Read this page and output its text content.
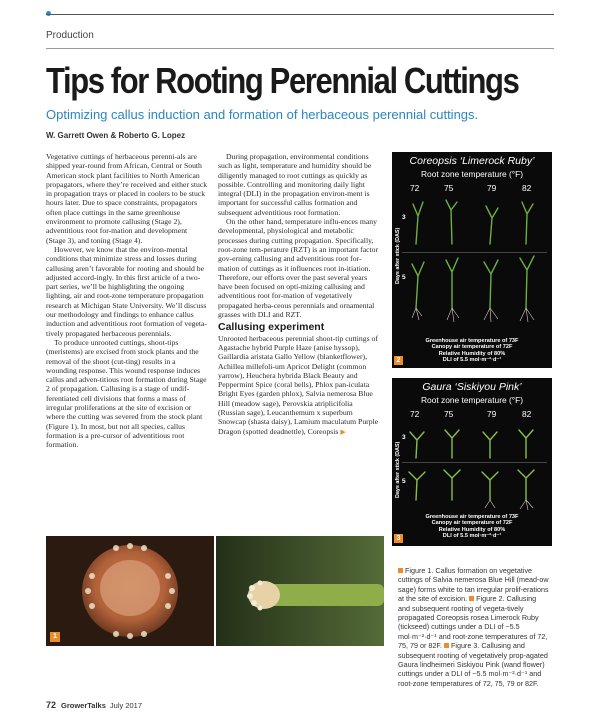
Production
Tips for Rooting Perennial Cuttings
Optimizing callus induction and formation of herbaceous perennial cuttings.
W. Garrett Owen & Roberto G. Lopez

Vegetative cuttings of herbaceous perenni-als are shipped year-round from African, Central or South American stock plant facilities to North American propagators, where they’re received and either stuck in propagation trays or placed in coolers to be stuck hours later. Due to space constraints, propagators often place cuttings in the same greenhouse environment to promote callusing (Stage 2), adventitious root for-mation and development (Stage 3), and toning (Stage 4).

However, we know that the environ-mental conditions that minimize stress and losses during callusing aren’t favorable for rooting and should be adjusted accord-ingly. In this first article of a two-part series, we’ll be highlighting the ongoing lighting, air and root-zone temperature propagation research at Michigan State University. We’ll discuss our methodology and findings to enhance callus induction and adventitious root formation of vegeta-tively propagated herbaceous perennials.

To produce unrooted cuttings, shoot-tips (meristems) are excised from stock plants and the removal of the shoot (cut-ting) results in a wounding response. This wound response induces callus and adven-titious root formation during Stage 2 of propagation. Callusing is a stage of undif-ferentiated cell divisions that forms a mass of irregular proliferations at the site of excision or where the cutting was severed from the stock plant (Figure 1). In most, but not all species, callus formation is a pre-cursor of adventitious root formation.

During propagation, environmental conditions such as light, temperature and humidity should be diligently managed to root cuttings as quickly as possible. Controlling and monitoring daily light integral (DLI) in the propagation environ-ment is important for successful callus formation and subsequent adventitious root formation.

On the other hand, temperature influ-ences many developmental, physiological and metabolic processes during cutting propagation. Specifically, root-zone tem-perature (RZT) is an important factor gov-erning callusing and adventitious root for-mation of cuttings as it influences root in-itiation. Therefore, our efforts over the past several years have been focused on opti-mizing callusing and adventitious root for-mation of vegetatively propagated herba-ceous perennials and ornamental grasses with DLI and RZT.

Callusing experiment

Unrooted herbaceous perennial shoot-tip cuttings of Agastache hybrid Purple Haze (anise hyssop), Gaillardia aristata Gallo Yellow (blanketflower), Achillea millefoli-um Apricot Delight (common yarrow), Heuchera hybrida Black Beauty and Peppermint Spice (coral bells), Phlox pan-iculata Bright Eyes (garden phlox), Salvia nemerosa Blue Hill (meadow sage), Perovskia atriplicifolia (Russian sage), Leucanthemum x superbum Snowcap (shasta daisy), Lamium maculatum Purple Dragon (spotted deadnettle), Coreopsis ▶

Coreopsis ‘Limerock Ruby’
Root zone temperature (°F)
72	75	79	82
Days after stick (DAS)
3
5
Greenhouse air temperature of 73F
Canopy air temperature of 72F
Relative Humidity of 80%
DLI of 5.5 mol·m⁻²·d⁻¹
2
Gaura ‘Siskiyou Pink’
Root zone temperature (°F)
72	75	79	82
Days after stick (DAS)
3
5
Greenhouse air temperature of 73F
Canopy air temperature of 72F
Relative Humidity of 80%
DLI of 5.5 mol·m⁻²·d⁻¹
3
1
Figure 1. Callus formation on vegetative cuttings of Salvia nemerosa Blue Hill (mead-ow sage) forms white to tan irregular prolif-erations at the site of excision. Figure 2. Callusing and subsequent rooting of vegeta-tively propagated Coreopsis rosea Limerock Ruby (tickseed) cuttings under a DLI of ~5.5 mol·m⁻²·d⁻¹ and root-zone temperatures of 72, 75, 79 or 82F. Figure 3. Callusing and subsequent rooting of vegetatively prop-agated Gaura lindheimeri Siskiyou Pink (wand flower) cuttings under a DLI of ~5.5 mol·m⁻²·d⁻¹ and root-zone temperatures of 72, 75, 79 or 82F.
72 GrowerTalks July 2017
